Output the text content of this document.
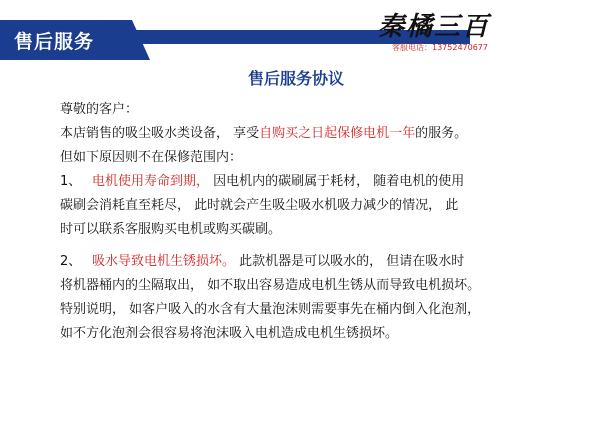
售后服务	秦橘三百
客服电话：13752470677
售后服务协议

尊敬的客户：

本店销售的吸尘吸水类设备， 享受自购买之日起保修电机一年的服务。

但如下原因则不在保修范围内：

1、 电机使用寿命到期， 因电机内的碳刷属于耗材， 随着电机的使用

碳刷会消耗直至耗尽， 此时就会产生吸尘吸水机吸力减少的情况， 此

时可以联系客服购买电机或购买碳刷。

2、 吸水导致电机生锈损坏。 此款机器是可以吸水的， 但请在吸水时

将机器桶内的尘隔取出， 如不取出容易造成电机生锈从而导致电机损坏。

特别说明， 如客户吸入的水含有大量泡沫则需要事先在桶内倒入化泡剂，

如不方化泡剂会很容易将泡沫吸入电机造成电机生锈损坏。
